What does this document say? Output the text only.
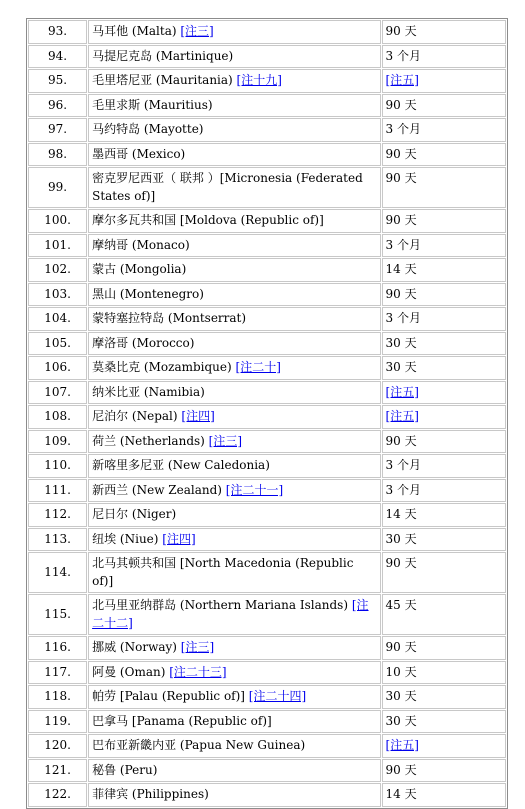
93.	马耳他 (Malta) [注三]	90 天
94.	马提尼克岛 (Martinique)	3 个月
95.	毛里塔尼亚 (Mauritania) [注十九]	[注五]
96.	毛里求斯 (Mauritius)	90 天
97.	马约特岛 (Mayotte)	3 个月
98.	墨西哥 (Mexico)	90 天
99.	密克罗尼西亚（ 联邦 ）[Micronesia (Federated States of)]	90 天
100.	摩尔多瓦共和国 [Moldova (Republic of)]	90 天
101.	摩纳哥 (Monaco)	3 个月
102.	蒙古 (Mongolia)	14 天
103.	黑山 (Montenegro)	90 天
104.	蒙特塞拉特岛 (Montserrat)	3 个月
105.	摩洛哥 (Morocco)	30 天
106.	莫桑比克 (Mozambique) [注二十]	30 天
107.	纳米比亚 (Namibia)	[注五]
108.	尼泊尔 (Nepal) [注四]	[注五]
109.	荷兰 (Netherlands) [注三]	90 天
110.	新喀里多尼亚 (New Caledonia)	3 个月
111.	新西兰 (New Zealand) [注二十一]	3 个月
112.	尼日尔 (Niger)	14 天
113.	纽埃 (Niue) [注四]	30 天
114.	北马其顿共和国 [North Macedonia (Republic of)]	90 天
115.	北马里亚纳群岛 (Northern Mariana Islands) [注二十二]	45 天
116.	挪威 (Norway) [注三]	90 天
117.	阿曼 (Oman) [注二十三]	10 天
118.	帕劳 [Palau (Republic of)] [注二十四]	30 天
119.	巴拿马 [Panama (Republic of)]	30 天
120.	巴布亚新畿内亚 (Papua New Guinea)	[注五]
121.	秘鲁 (Peru)	90 天
122.	菲律宾 (Philippines)	14 天
